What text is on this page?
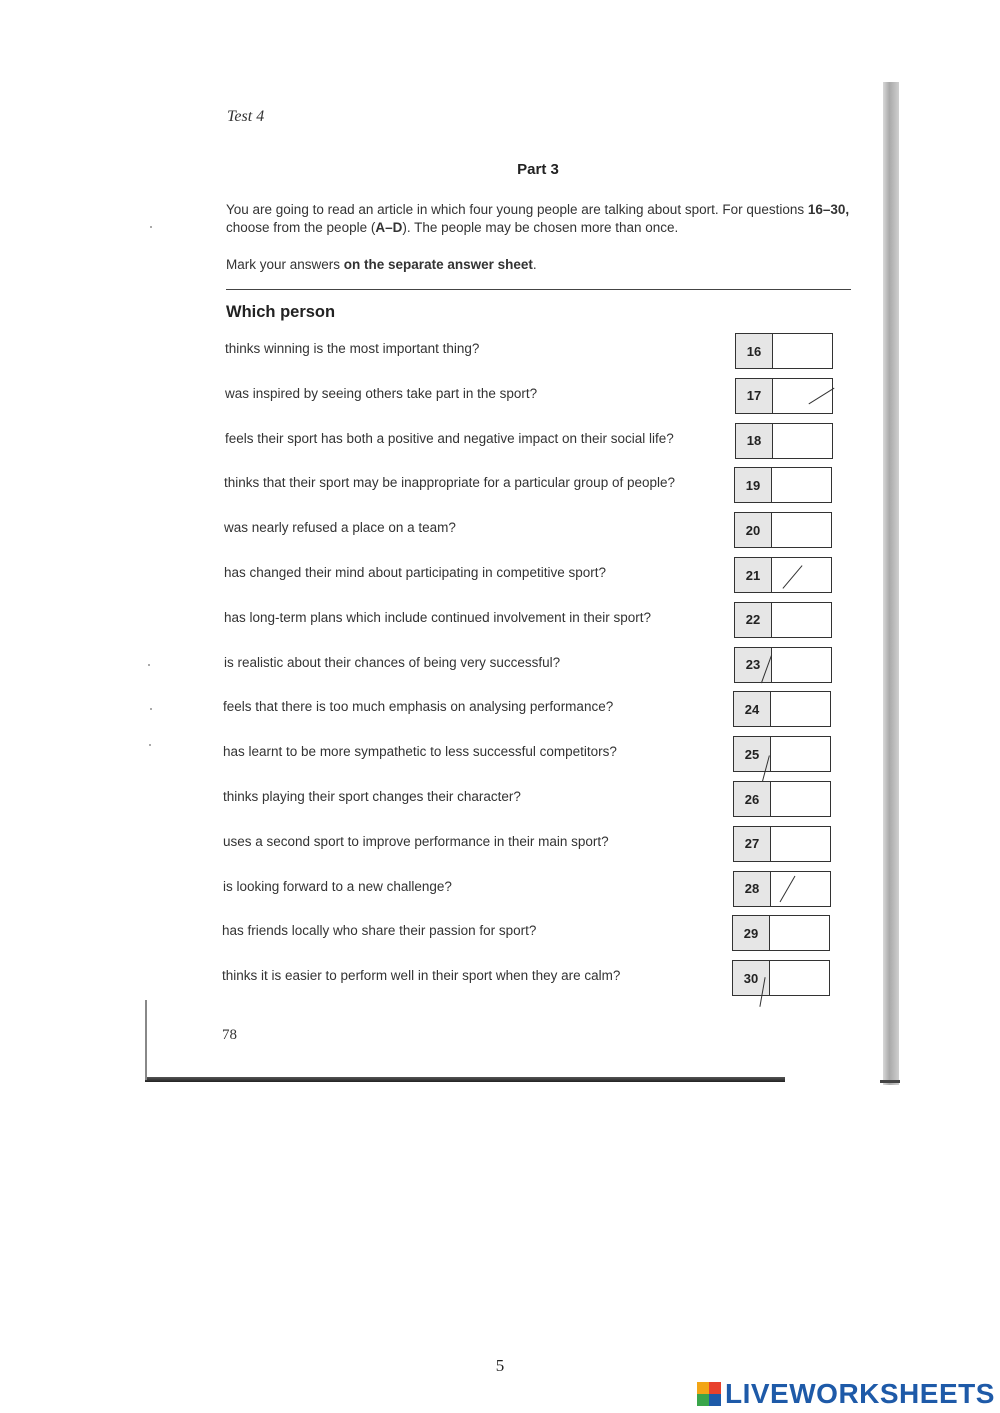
Test 4
Part 3
You are going to read an article in which four young people are talking about sport. For questions 16–30, choose from the people (A–D). The people may be chosen more than once.
Mark your answers on the separate answer sheet.
Which person
thinks winning is the most important thing?	16
was inspired by seeing others take part in the sport?	17
feels their sport has both a positive and negative impact on their social life?	18
thinks that their sport may be inappropriate for a particular group of people?	19
was nearly refused a place on a team?	20
has changed their mind about participating in competitive sport?	21
has long-term plans which include continued involvement in their sport?	22
is realistic about their chances of being very successful?	23
feels that there is too much emphasis on analysing performance?	24
has learnt to be more sympathetic to less successful competitors?	25
thinks playing their sport changes their character?	26
uses a second sport to improve performance in their main sport?	27
is looking forward to a new challenge?	28
has friends locally who share their passion for sport?	29
thinks it is easier to perform well in their sport when they are calm?	30
78
5
LIVEWORKSHEETS
